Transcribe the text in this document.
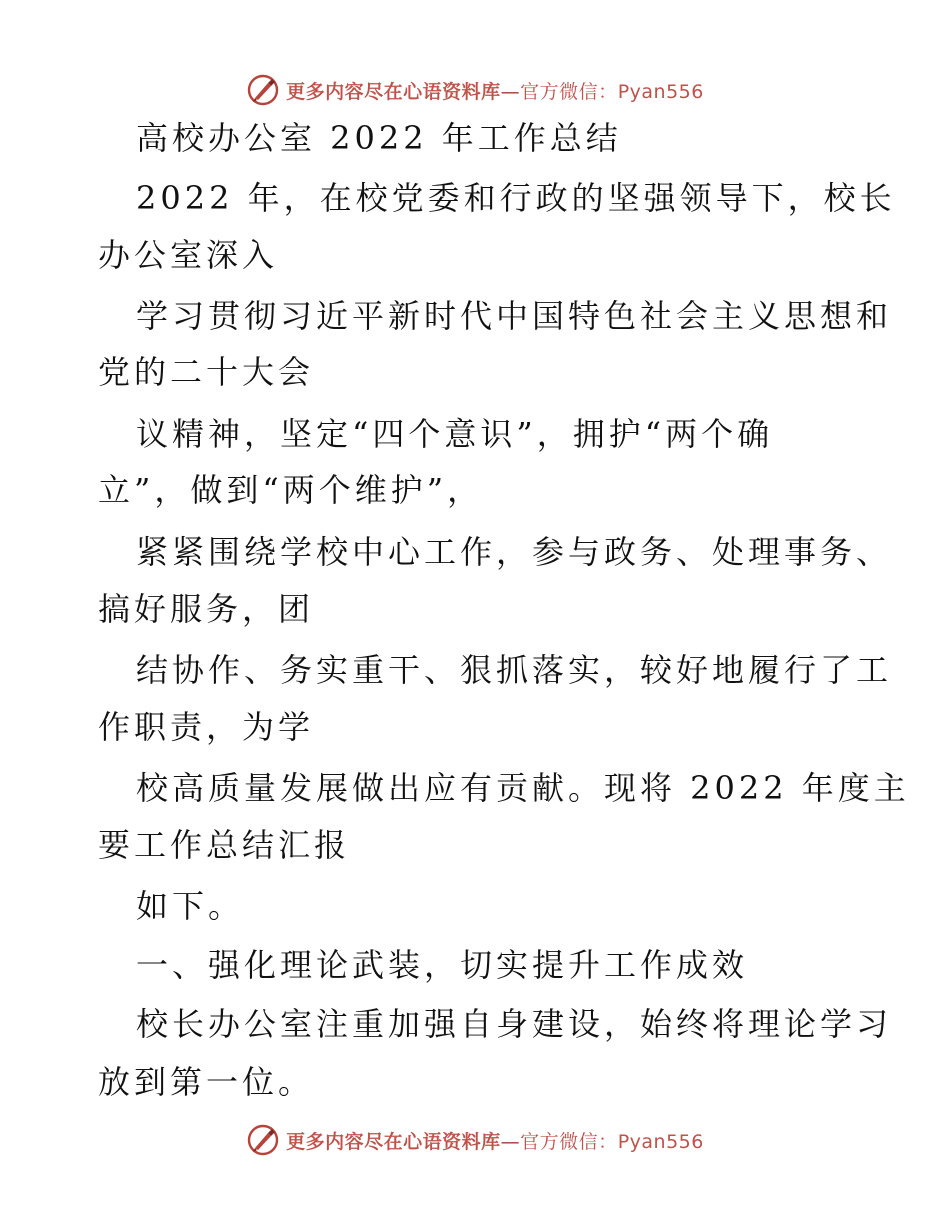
更多内容尽在心语资料库—官方微信：Pyan556
高校办公室 2022 年工作总结
2022 年，在校党委和行政的坚强领导下，校长
办公室深入
学习贯彻习近平新时代中国特色社会主义思想和
党的二十大会
议精神，坚定“四个意识”，拥护“两个确
立”，做到“两个维护”，
紧紧围绕学校中心工作，参与政务、处理事务、
搞好服务，团
结协作、务实重干、狠抓落实，较好地履行了工
作职责，为学
校高质量发展做出应有贡献。现将 2022 年度主
要工作总结汇报
如下。
一、强化理论武装，切实提升工作成效
校长办公室注重加强自身建设，始终将理论学习
放到第一位。
更多内容尽在心语资料库—官方微信：Pyan556
